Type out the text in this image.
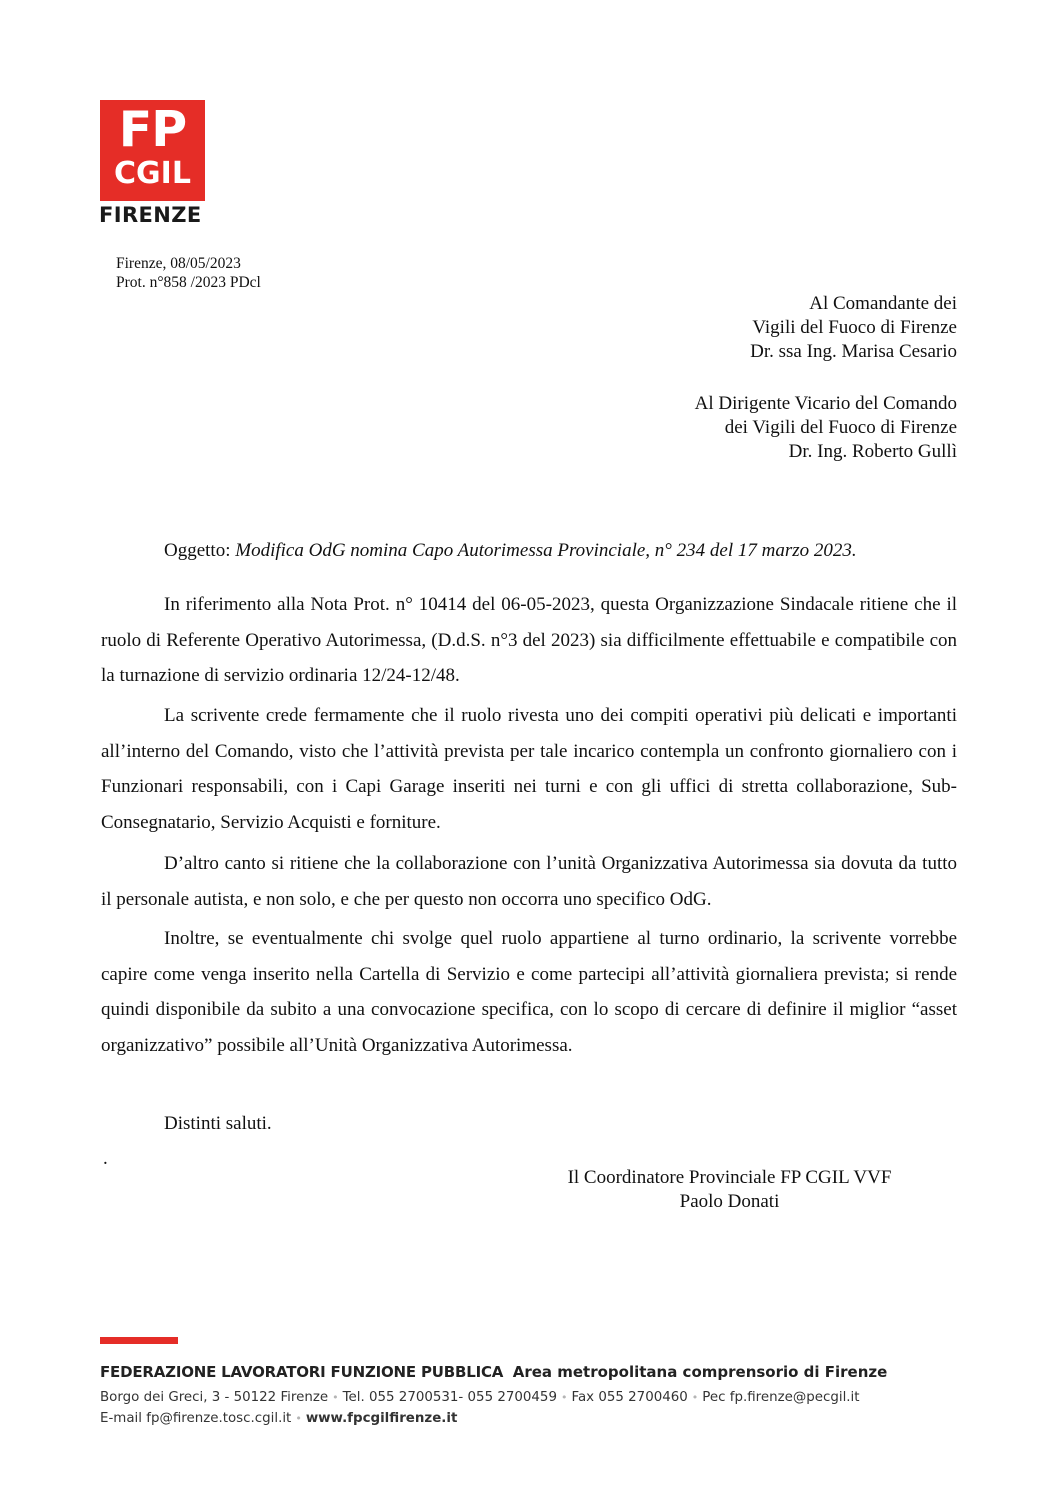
FP
CGIL
FIRENZE
Firenze, 08/05/2023
Prot. n°858 /2023 PDcl
Al Comandante dei
Vigili del Fuoco di Firenze
Dr. ssa Ing. Marisa Cesario
Al Dirigente Vicario del Comando
dei Vigili del Fuoco di Firenze
Dr. Ing. Roberto Gullì
Oggetto: Modifica OdG nomina Capo Autorimessa Provinciale, n° 234 del 17 marzo 2023.

In riferimento alla Nota Prot. n° 10414 del 06-05-2023, questa Organizzazione Sindacale ritiene che il ruolo di Referente Operativo Autorimessa, (D.d.S. n°3 del 2023) sia difficilmente effettuabile e compatibile con la turnazione di servizio ordinaria 12/24-12/48.

La scrivente crede fermamente che il ruolo rivesta uno dei compiti operativi più delicati e importanti all’interno del Comando, visto che l’attività prevista per tale incarico contempla un confronto giornaliero con i Funzionari responsabili, con i Capi Garage inseriti nei turni e con gli uffici di stretta collaborazione, Sub-Consegnatario, Servizio Acquisti e forniture.

D’altro canto si ritiene che la collaborazione con l’unità Organizzativa Autorimessa sia dovuta da tutto il personale autista, e non solo, e che per questo non occorra uno specifico OdG.

Inoltre, se eventualmente chi svolge quel ruolo appartiene al turno ordinario, la scrivente vorrebbe capire come venga inserito nella Cartella di Servizio e come partecipi all’attività giornaliera prevista; si rende quindi disponibile da subito a una convocazione specifica, con lo scopo di cercare di definire il miglior “asset organizzativo” possibile all’Unità Organizzativa Autorimessa.

Distinti saluti.

.
Il Coordinatore Provinciale FP CGIL VVF
Paolo Donati
FEDERAZIONE LAVORATORI FUNZIONE PUBBLICA Area metropolitana comprensorio di Firenze
Borgo dei Greci, 3 - 50122 Firenze • Tel. 055 2700531- 055 2700459 • Fax 055 2700460 • Pec fp.firenze@pecgil.it
E-mail fp@firenze.tosc.cgil.it • www.fpcgilfirenze.it
